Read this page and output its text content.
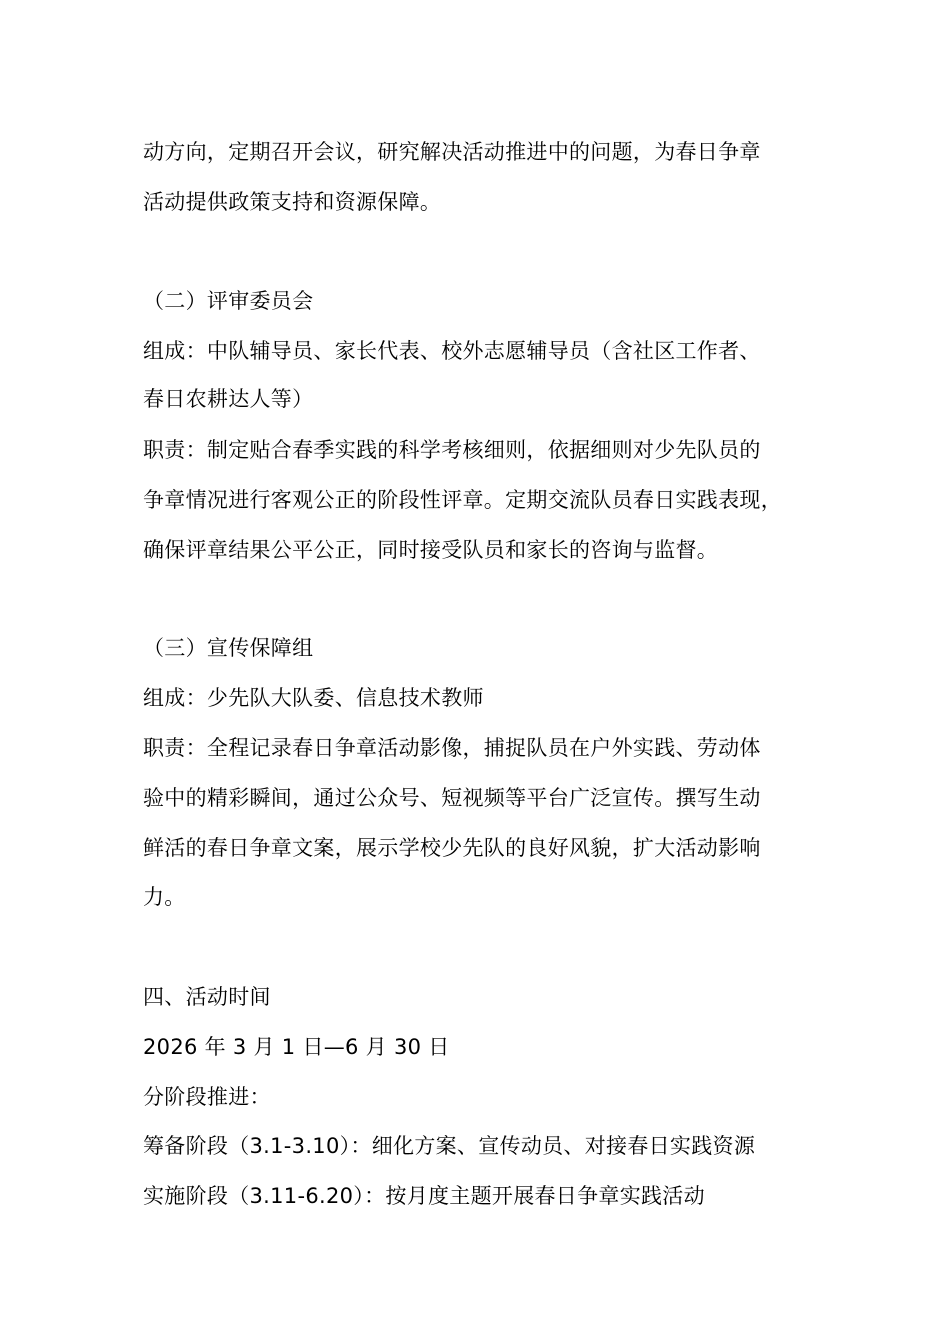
动方向，定期召开会议，研究解决活动推进中的问题，为春日争章
活动提供政策支持和资源保障。
（二）评审委员会
组成：中队辅导员、家长代表、校外志愿辅导员（含社区工作者、
春日农耕达人等）
职责：制定贴合春季实践的科学考核细则，依据细则对少先队员的
争章情况进行客观公正的阶段性评章。定期交流队员春日实践表现，
确保评章结果公平公正，同时接受队员和家长的咨询与监督。
（三）宣传保障组
组成：少先队大队委、信息技术教师
职责：全程记录春日争章活动影像，捕捉队员在户外实践、劳动体
验中的精彩瞬间，通过公众号、短视频等平台广泛宣传。撰写生动
鲜活的春日争章文案，展示学校少先队的良好风貌，扩大活动影响
力。
四、活动时间
2026 年 3 月 1 日—6 月 30 日
分阶段推进：
筹备阶段（3.1-3.10）：细化方案、宣传动员、对接春日实践资源
实施阶段（3.11-6.20）：按月度主题开展春日争章实践活动
